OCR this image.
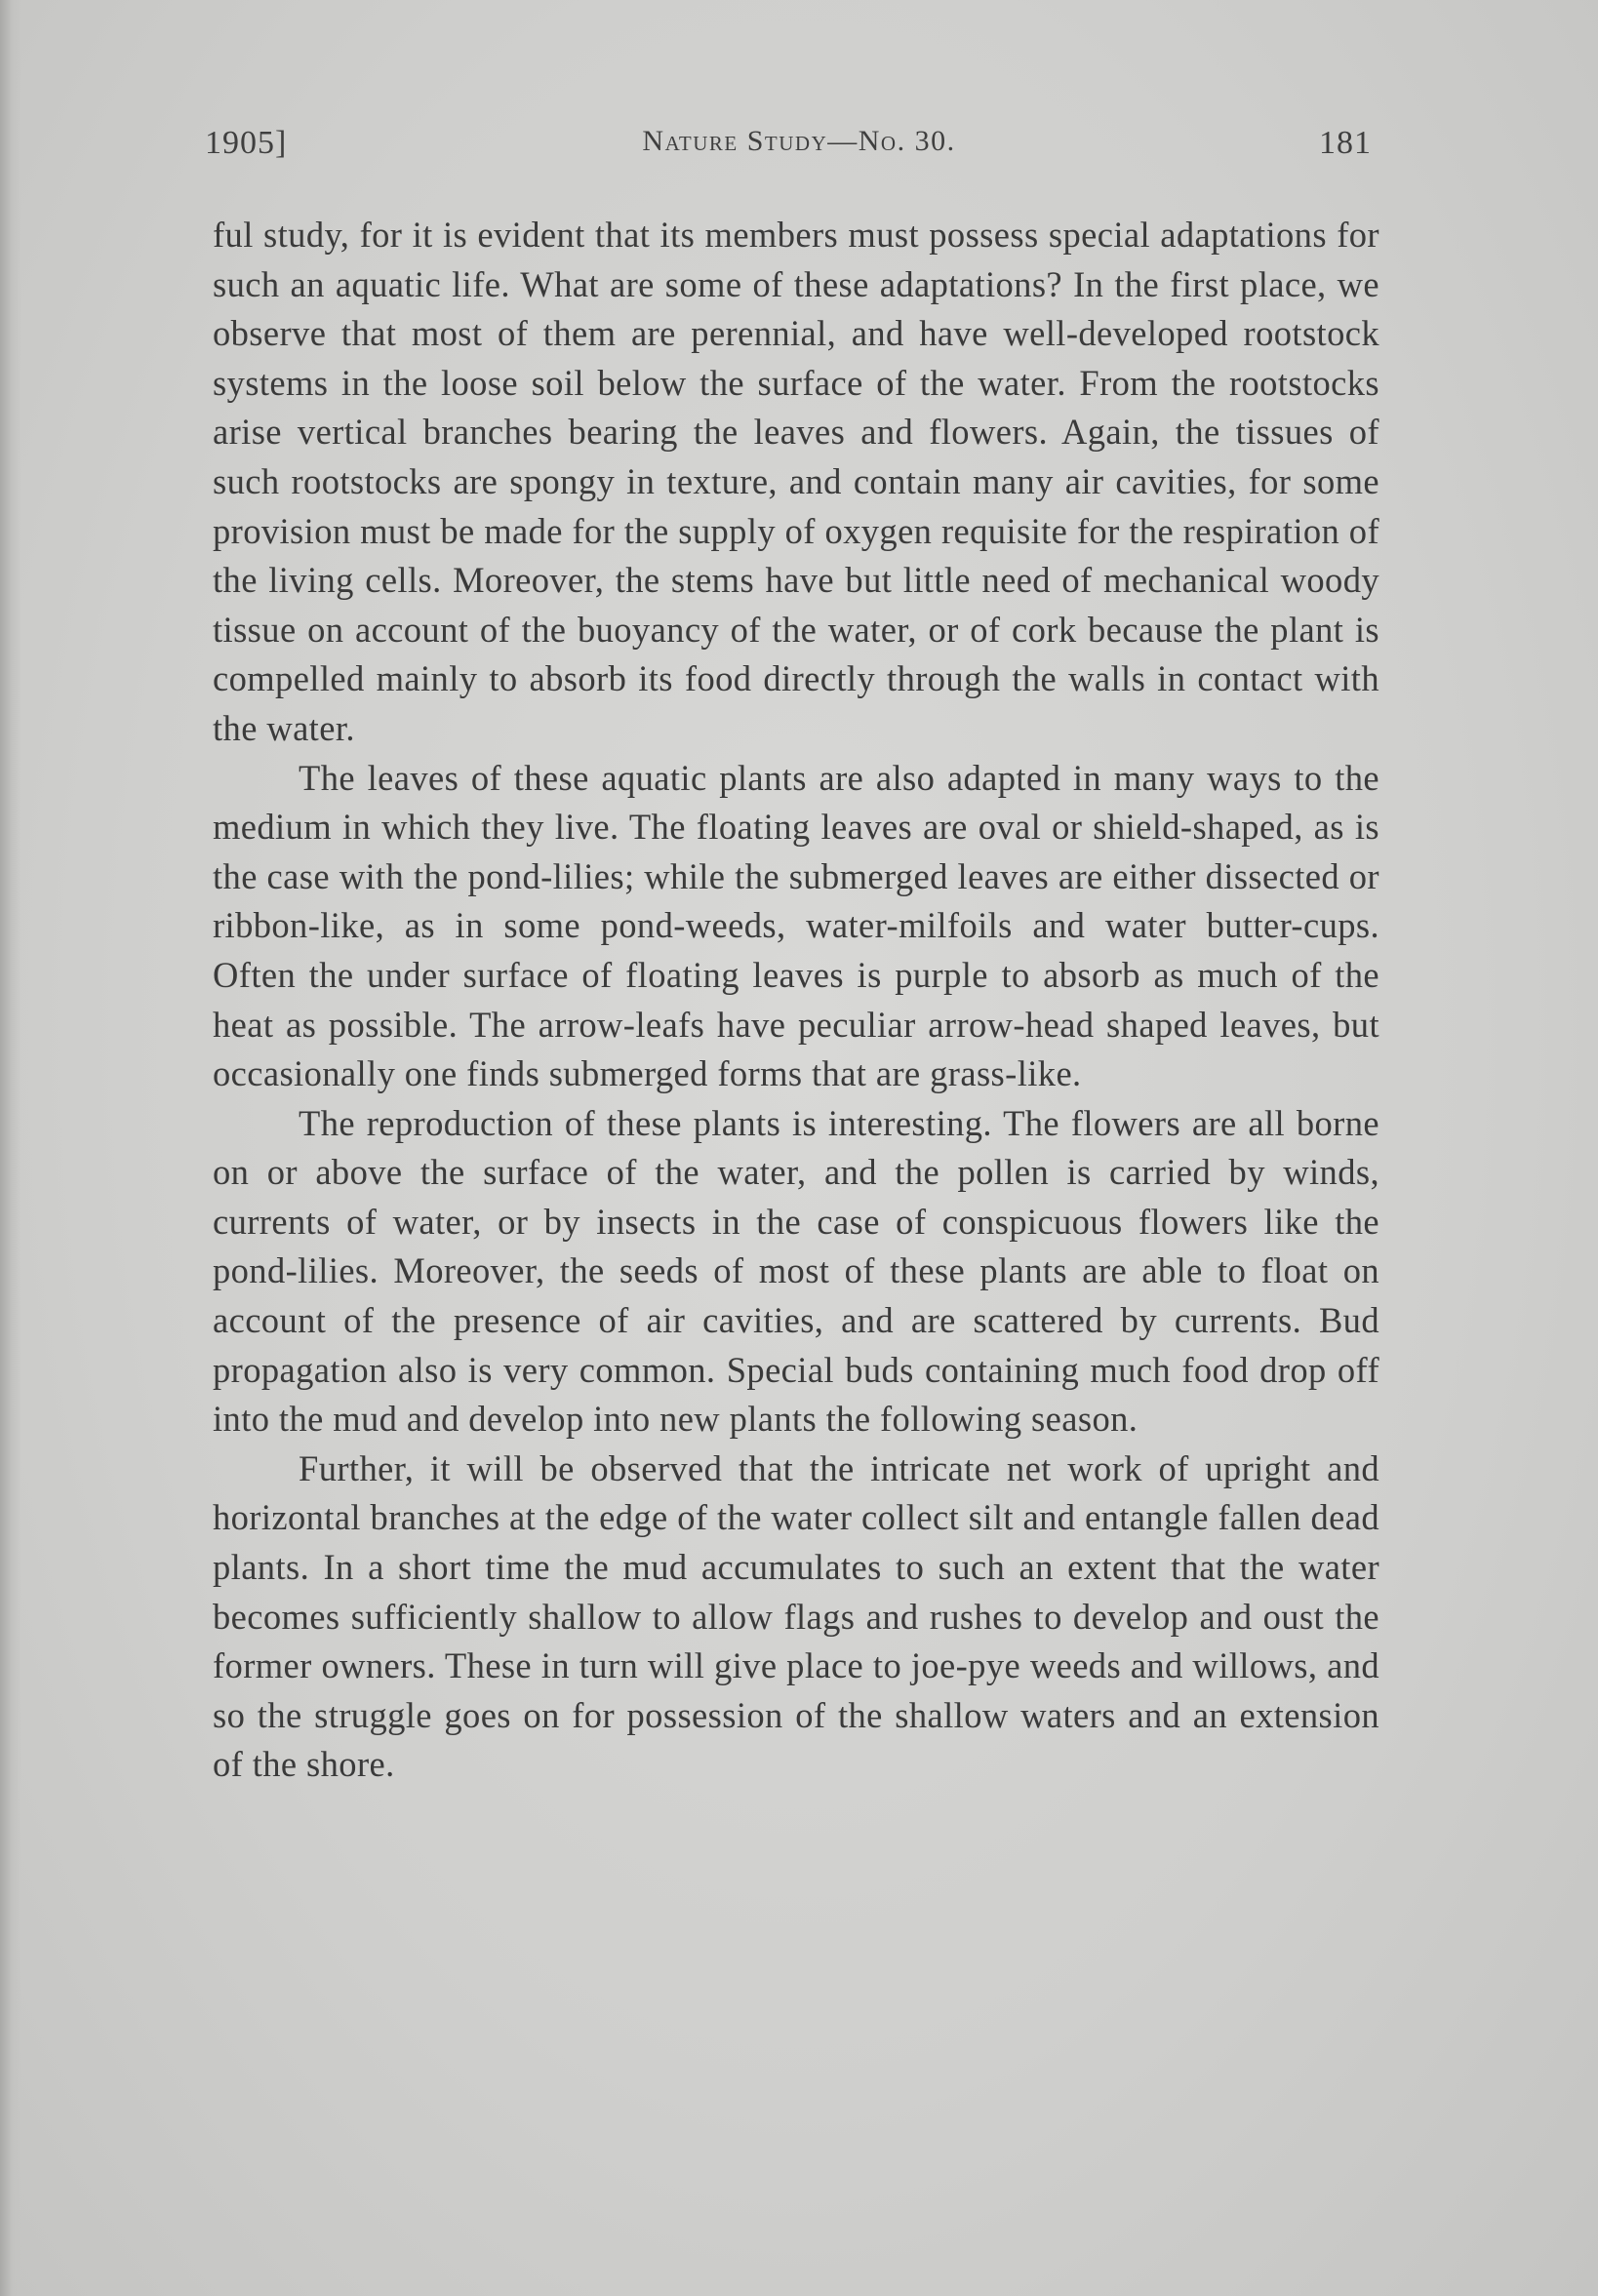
1905]	Nature Study—No. 30.	181

ful study, for it is evident that its members must possess special adaptations for such an aquatic life. What are some of these adaptations? In the first place, we observe that most of them are perennial, and have well-developed rootstock systems in the loose soil below the surface of the water. From the rootstocks arise vertical branches bearing the leaves and flowers. Again, the tissues of such rootstocks are spongy in texture, and contain many air cavities, for some provision must be made for the supply of oxygen requisite for the respiration of the living cells. Moreover, the stems have but little need of mechanical woody tissue on account of the buoyancy of the water, or of cork because the plant is compelled mainly to absorb its food directly through the walls in contact with the water.

The leaves of these aquatic plants are also adapted in many ways to the medium in which they live. The floating leaves are oval or shield-shaped, as is the case with the pond-lilies; while the submerged leaves are either dissected or ribbon-like, as in some pond-weeds, water-milfoils and water butter-cups. Often the under surface of floating leaves is purple to absorb as much of the heat as possible. The arrow-leafs have peculiar arrow-head shaped leaves, but occasionally one finds submerged forms that are grass-like.

The reproduction of these plants is interesting. The flowers are all borne on or above the surface of the water, and the pollen is carried by winds, currents of water, or by insects in the case of conspicuous flowers like the pond-lilies. Moreover, the seeds of most of these plants are able to float on account of the presence of air cavities, and are scattered by currents. Bud propagation also is very common. Special buds containing much food drop off into the mud and develop into new plants the following season.

Further, it will be observed that the intricate net work of upright and horizontal branches at the edge of the water collect silt and entangle fallen dead plants. In a short time the mud accumulates to such an extent that the water becomes sufficiently shallow to allow flags and rushes to develop and oust the former owners. These in turn will give place to joe-pye weeds and willows, and so the struggle goes on for possession of the shallow waters and an extension of the shore.
